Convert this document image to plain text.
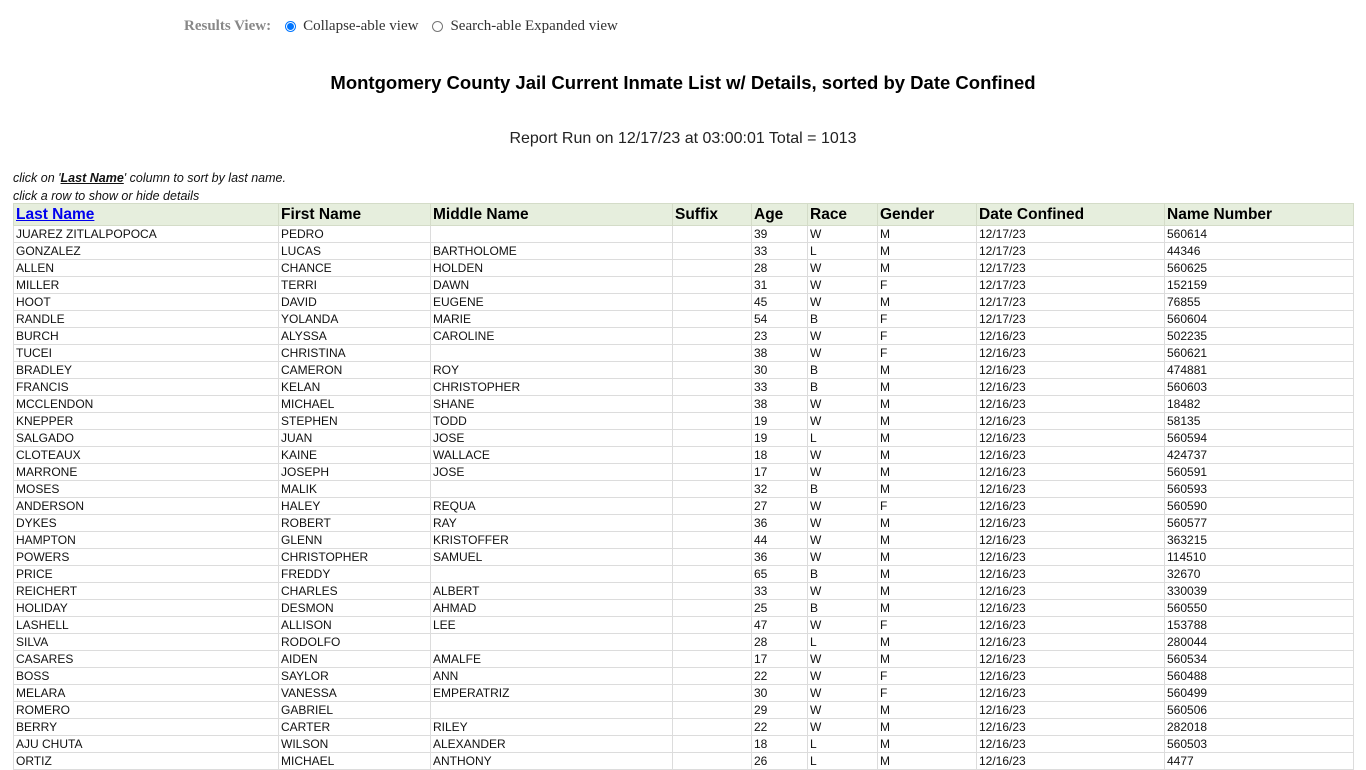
Results View: Collapse-able view Search-able Expanded view
Montgomery County Jail Current Inmate List w/ Details, sorted by Date Confined
Report Run on 12/17/23 at 03:00:01 Total = 1013
click on 'Last Name' column to sort by last name.
click a row to show or hide details
Last Name	First Name	Middle Name	Suffix	Age	Race	Gender	Date Confined	Name Number
JUAREZ ZITLALPOPOCA	PEDRO			39	W	M	12/17/23	560614
GONZALEZ	LUCAS	BARTHOLOME		33	L	M	12/17/23	44346
ALLEN	CHANCE	HOLDEN		28	W	M	12/17/23	560625
MILLER	TERRI	DAWN		31	W	F	12/17/23	152159
HOOT	DAVID	EUGENE		45	W	M	12/17/23	76855
RANDLE	YOLANDA	MARIE		54	B	F	12/17/23	560604
BURCH	ALYSSA	CAROLINE		23	W	F	12/16/23	502235
TUCEI	CHRISTINA			38	W	F	12/16/23	560621
BRADLEY	CAMERON	ROY		30	B	M	12/16/23	474881
FRANCIS	KELAN	CHRISTOPHER		33	B	M	12/16/23	560603
MCCLENDON	MICHAEL	SHANE		38	W	M	12/16/23	18482
KNEPPER	STEPHEN	TODD		19	W	M	12/16/23	58135
SALGADO	JUAN	JOSE		19	L	M	12/16/23	560594
CLOTEAUX	KAINE	WALLACE		18	W	M	12/16/23	424737
MARRONE	JOSEPH	JOSE		17	W	M	12/16/23	560591
MOSES	MALIK			32	B	M	12/16/23	560593
ANDERSON	HALEY	REQUA		27	W	F	12/16/23	560590
DYKES	ROBERT	RAY		36	W	M	12/16/23	560577
HAMPTON	GLENN	KRISTOFFER		44	W	M	12/16/23	363215
POWERS	CHRISTOPHER	SAMUEL		36	W	M	12/16/23	114510
PRICE	FREDDY			65	B	M	12/16/23	32670
REICHERT	CHARLES	ALBERT		33	W	M	12/16/23	330039
HOLIDAY	DESMON	AHMAD		25	B	M	12/16/23	560550
LASHELL	ALLISON	LEE		47	W	F	12/16/23	153788
SILVA	RODOLFO			28	L	M	12/16/23	280044
CASARES	AIDEN	AMALFE		17	W	M	12/16/23	560534
BOSS	SAYLOR	ANN		22	W	F	12/16/23	560488
MELARA	VANESSA	EMPERATRIZ		30	W	F	12/16/23	560499
ROMERO	GABRIEL			29	W	M	12/16/23	560506
BERRY	CARTER	RILEY		22	W	M	12/16/23	282018
AJU CHUTA	WILSON	ALEXANDER		18	L	M	12/16/23	560503
ORTIZ	MICHAEL	ANTHONY		26	L	M	12/16/23	4477
